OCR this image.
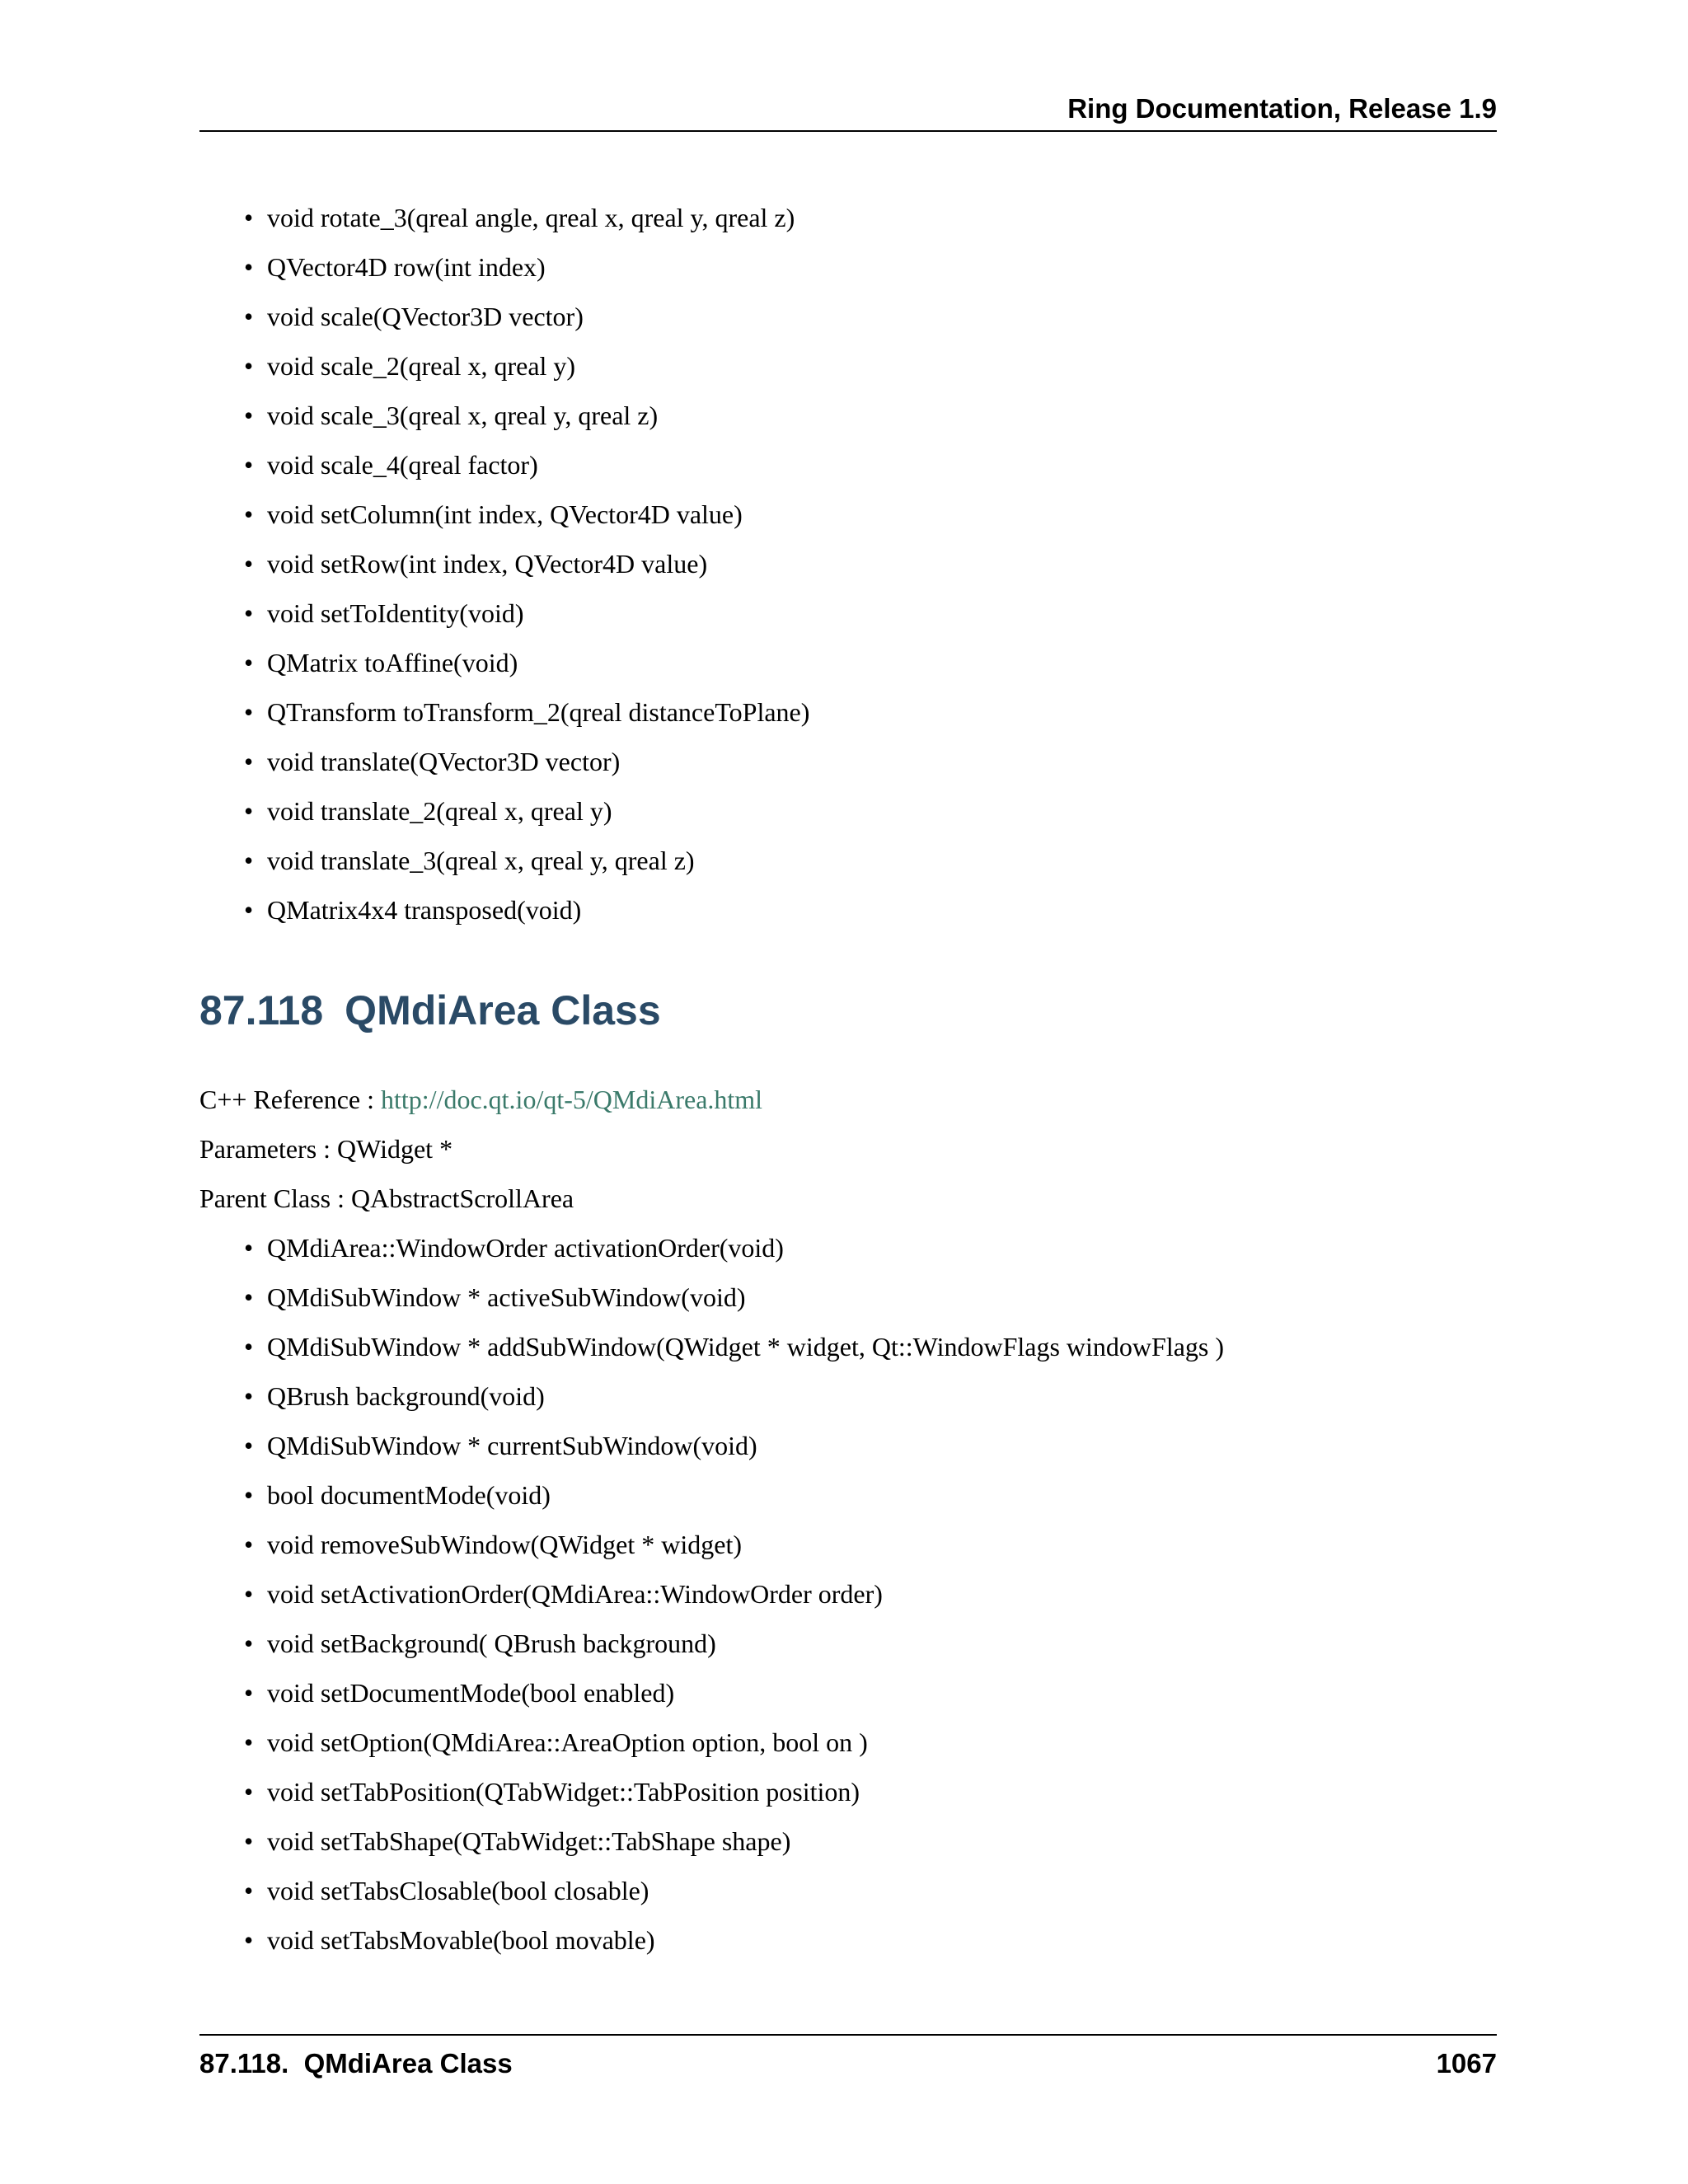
Ring Documentation, Release 1.9
• void rotate_3(qreal angle, qreal x, qreal y, qreal z)
• QVector4D row(int index)
• void scale(QVector3D vector)
• void scale_2(qreal x, qreal y)
• void scale_3(qreal x, qreal y, qreal z)
• void scale_4(qreal factor)
• void setColumn(int index, QVector4D value)
• void setRow(int index, QVector4D value)
• void setToIdentity(void)
• QMatrix toAffine(void)
• QTransform toTransform_2(qreal distanceToPlane)
• void translate(QVector3D vector)
• void translate_2(qreal x, qreal y)
• void translate_3(qreal x, qreal y, qreal z)
• QMatrix4x4 transposed(void)
87.118 QMdiArea Class
C++ Reference : http://doc.qt.io/qt-5/QMdiArea.html
Parameters : QWidget *
Parent Class : QAbstractScrollArea
• QMdiArea::WindowOrder activationOrder(void)
• QMdiSubWindow * activeSubWindow(void)
• QMdiSubWindow * addSubWindow(QWidget * widget, Qt::WindowFlags windowFlags )
• QBrush background(void)
• QMdiSubWindow * currentSubWindow(void)
• bool documentMode(void)
• void removeSubWindow(QWidget * widget)
• void setActivationOrder(QMdiArea::WindowOrder order)
• void setBackground( QBrush background)
• void setDocumentMode(bool enabled)
• void setOption(QMdiArea::AreaOption option, bool on )
• void setTabPosition(QTabWidget::TabPosition position)
• void setTabShape(QTabWidget::TabShape shape)
• void setTabsClosable(bool closable)
• void setTabsMovable(bool movable)
87.118.  QMdiArea Class	1067
